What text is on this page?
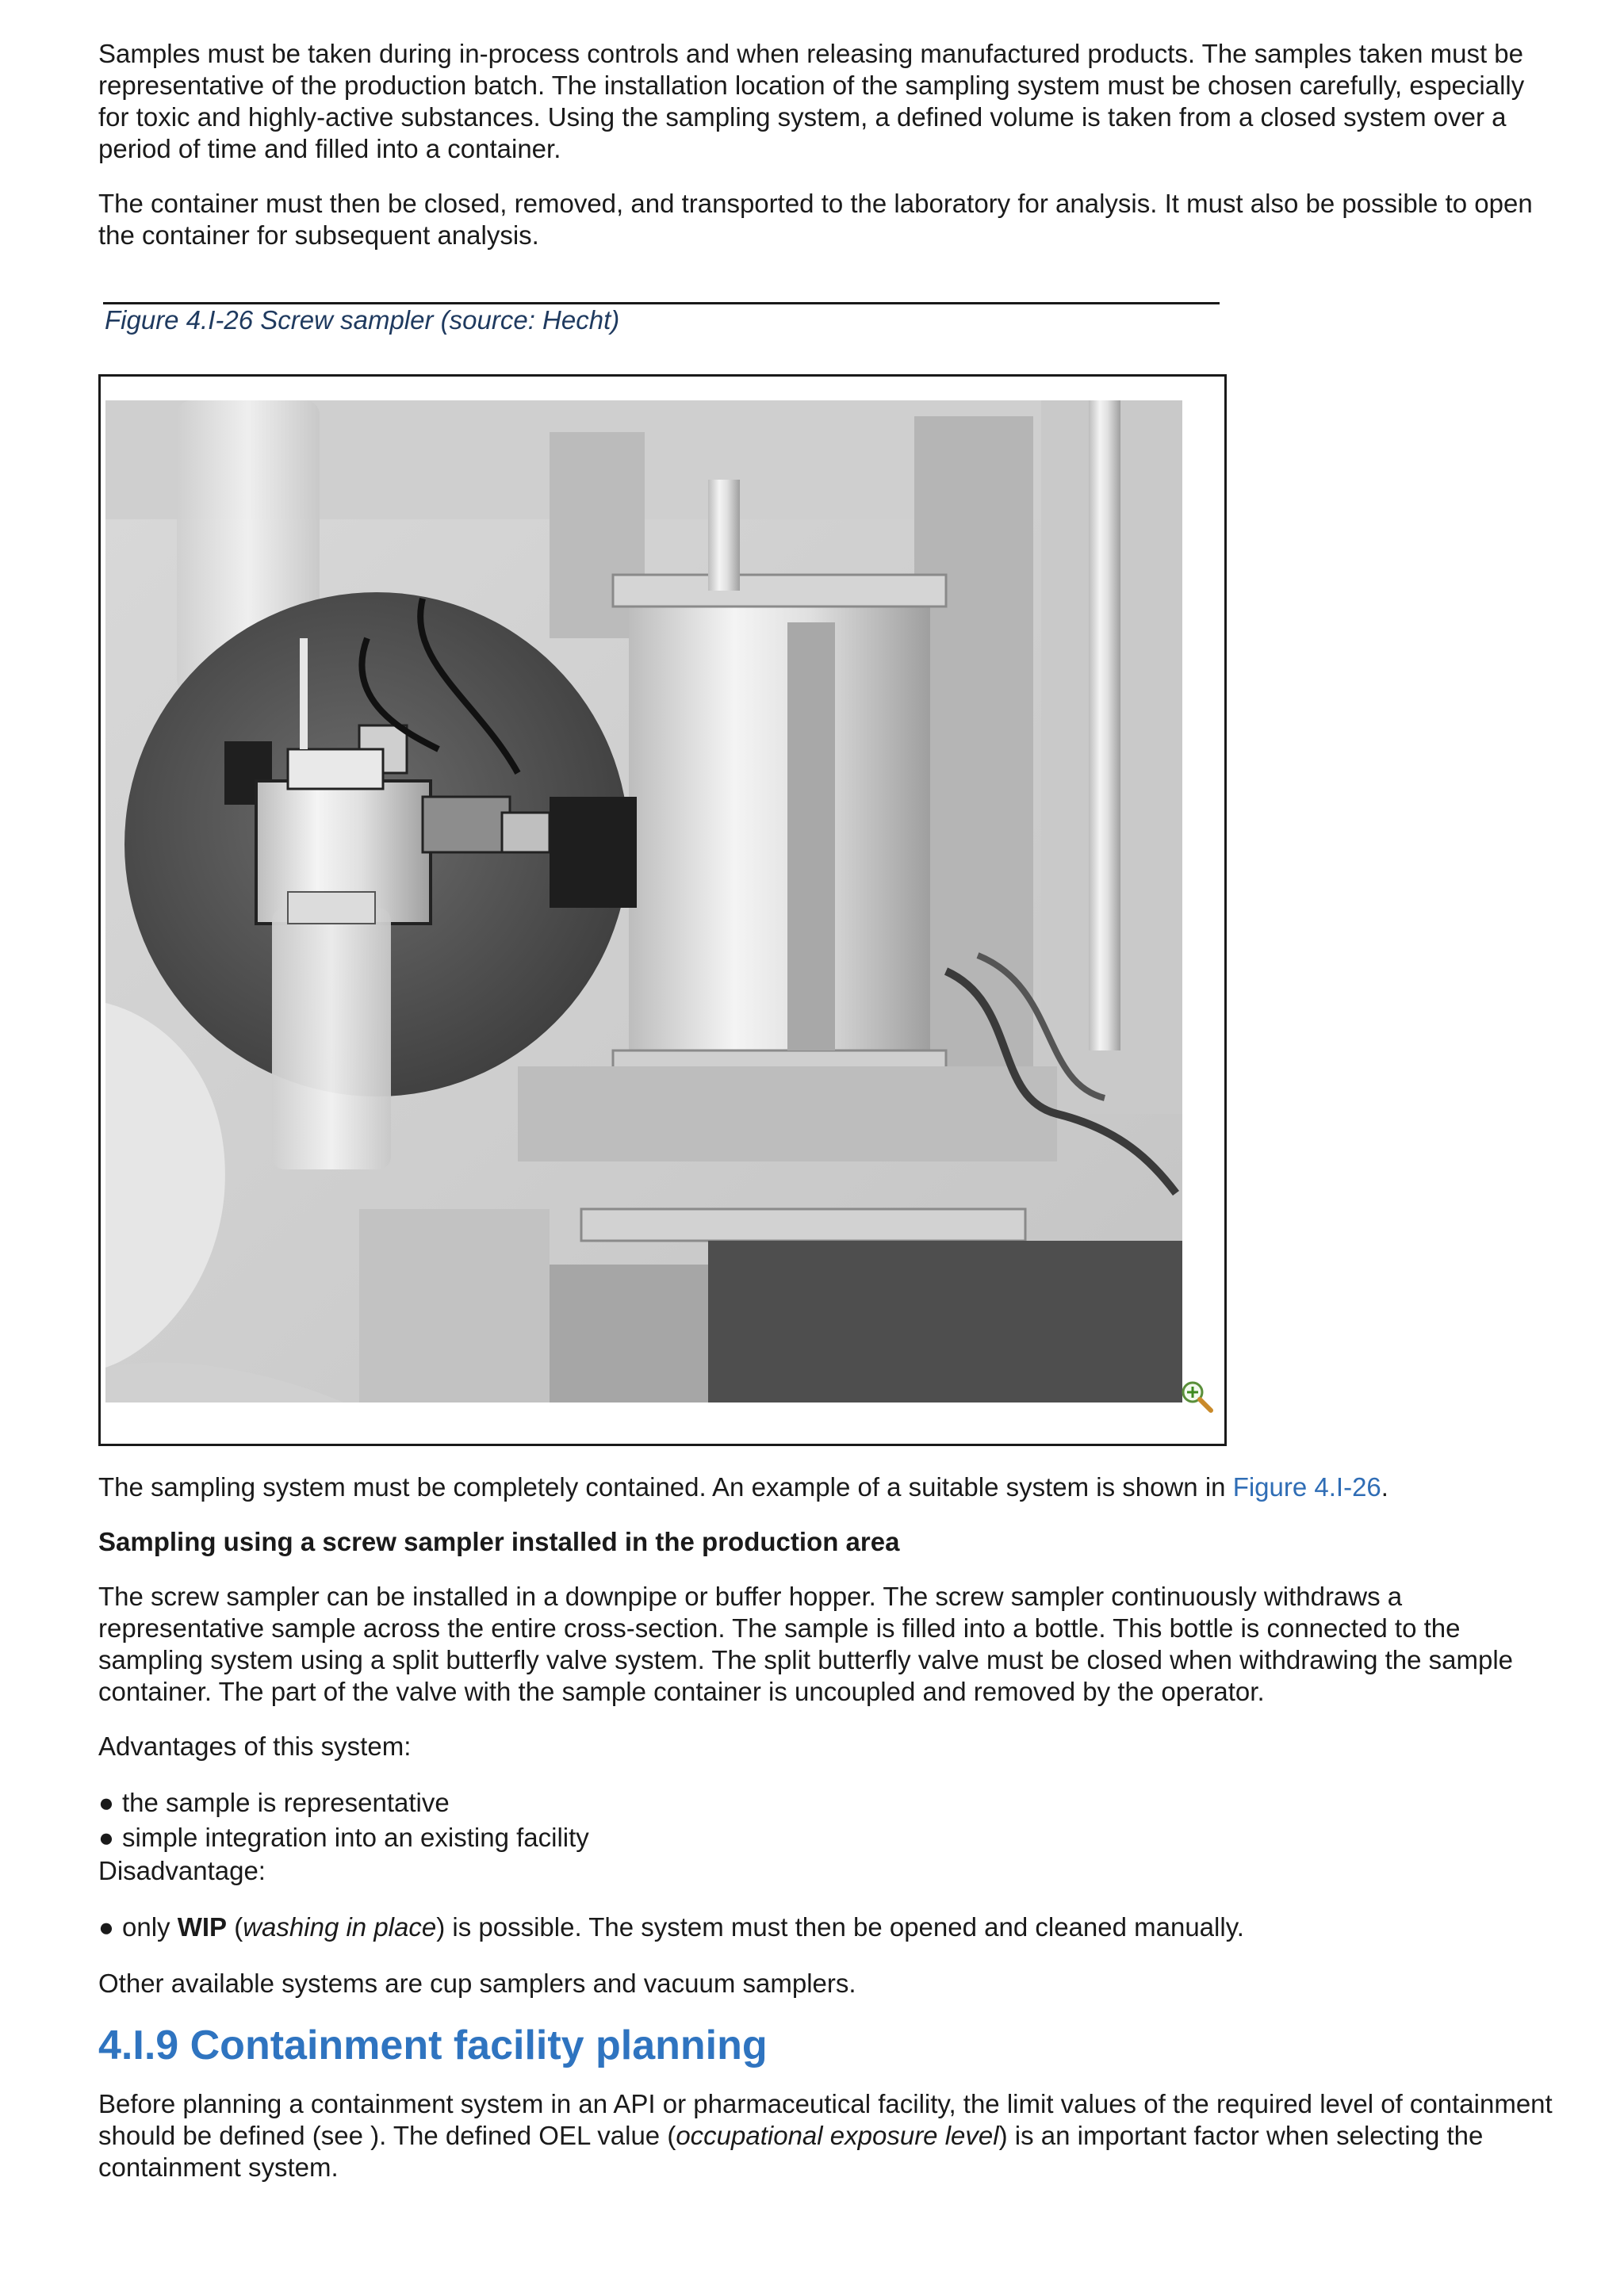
Samples must be taken during in-process controls and when releasing manufactured products. The samples taken must be representative of the production batch. The installation location of the sampling system must be chosen carefully, especially for toxic and highly-active substances. Using the sampling system, a defined volume is taken from a closed system over a period of time and filled into a container.

The container must then be closed, removed, and transported to the laboratory for analysis. It must also be possible to open the container for subsequent analysis.

Figure 4.I-26 Screw sampler (source: Hecht)

The sampling system must be completely contained. An example of a suitable system is shown in Figure 4.I-26.

Sampling using a screw sampler installed in the production area

The screw sampler can be installed in a downpipe or buffer hopper. The screw sampler continuously withdraws a representative sample across the entire cross-section. The sample is filled into a bottle. This bottle is connected to the sampling system using a split butterfly valve system. The split butterfly valve must be closed when withdrawing the sample container. The part of the valve with the sample container is uncoupled and removed by the operator.

Advantages of this system:

● the sample is representative
● simple integration into an existing facility

Disadvantage:

● only WIP (washing in place) is possible. The system must then be opened and cleaned manually.

Other available systems are cup samplers and vacuum samplers.

4.I.9 Containment facility planning

Before planning a containment system in an API or pharmaceutical facility, the limit values of the required level of containment should be defined (see ). The defined OEL value (occupational exposure level) is an important factor when selecting the containment system.
